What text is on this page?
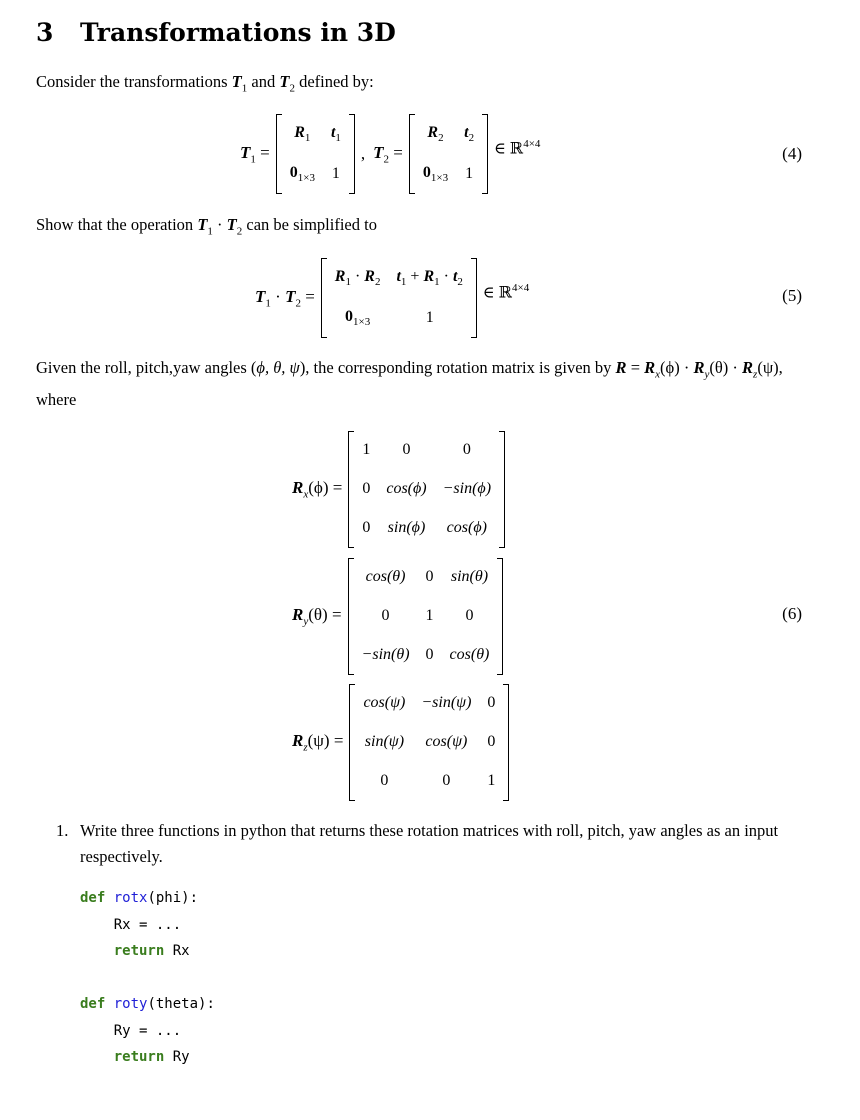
3 Transformations in 3D
Consider the transformations $T_1$ and $T_2$ defined by:
$T_1$ =
$R_1$	$t_1$
$0_{1\times 3}$	1
, $T_2$ =
$R_2$	$t_2$
$0_{1\times 3}$	1
∈ ℝ$^{4\times 4}$	(4)
Show that the operation $T_1 \cdot T_2$ can be simplified to
$T_1 \cdot T_2$ =
$R_1 \cdot R_2$	$t_1 + R_1 \cdot t_2$
$0_{1\times 3}$	1
∈ ℝ$^{4\times 4}$	(5)
Given the roll, pitch,yaw angles (ϕ, θ, ψ), the corresponding rotation matrix is given by $R = R_x(\phi) \cdot R_y(\theta) \cdot R_z(\psi)$, where
$R_x(\phi)$ =
1	0	0
0	cos(ϕ)	−sin(ϕ)
0	sin(ϕ)	cos(ϕ)
$R_y(\theta)$ =
cos(θ)	0	sin(θ)
0	1	0
−sin(θ)	0	cos(θ)
(6)
$R_z(\psi)$ =
cos(ψ)	−sin(ψ)	0
sin(ψ)	cos(ψ)	0
0	0	1
1. Write three functions in python that returns these rotation matrices with roll, pitch, yaw angles as an input respectively.
def rotx(phi):
Rx = ...
return Rx
def roty(theta):
Ry = ...
return Ry
